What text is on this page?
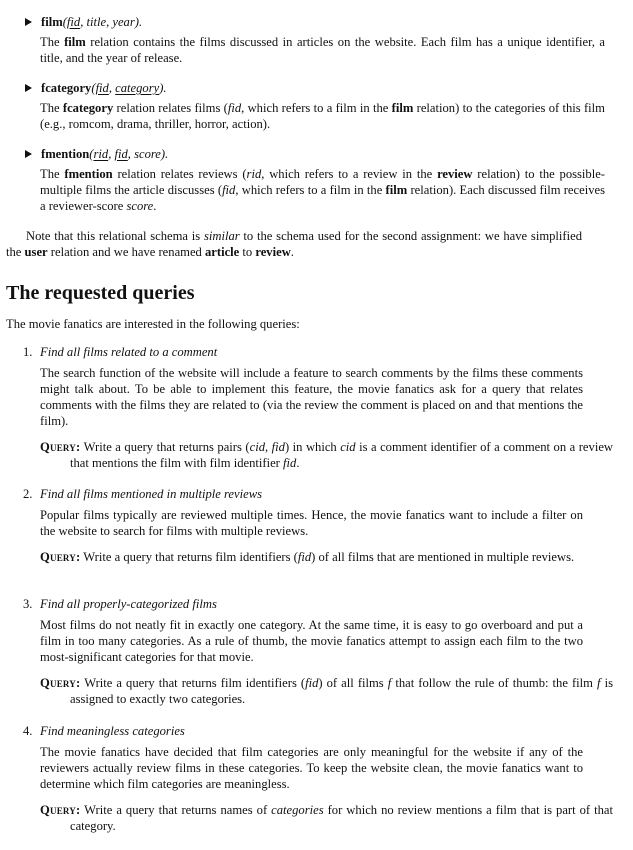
film(fid, title, year).
The film relation contains the films discussed in articles on the website. Each film has a unique identifier, a title, and the year of release.
fcategory(fid, category).
The fcategory relation relates films (fid, which refers to a film in the film relation) to the categories of this film (e.g., romcom, drama, thriller, horror, action).
fmention(rid, fid, score).
The fmention relation relates reviews (rid, which refers to a review in the review relation) to the possible-multiple films the article discusses (fid, which refers to a film in the film relation). Each discussed film receives a reviewer-score score.
Note that this relational schema is similar to the schema used for the second assignment: we have simplified the user relation and we have renamed article to review.
The requested queries
The movie fanatics are interested in the following queries:
1. Find all films related to a comment
The search function of the website will include a feature to search comments by the films these comments might talk about. To be able to implement this feature, the movie fanatics ask for a query that relates comments with the films they are related to (via the review the comment is placed on and that mentions the film).
Query: Write a query that returns pairs (cid, fid) in which cid is a comment identifier of a comment on a review that mentions the film with film identifier fid.
2. Find all films mentioned in multiple reviews
Popular films typically are reviewed multiple times. Hence, the movie fanatics want to include a filter on the website to search for films with multiple reviews.
Query: Write a query that returns film identifiers (fid) of all films that are mentioned in multiple reviews.
3. Find all properly-categorized films
Most films do not neatly fit in exactly one category. At the same time, it is easy to go overboard and put a film in too many categories. As a rule of thumb, the movie fanatics attempt to assign each film to the two most-significant categories for that movie.
Query: Write a query that returns film identifiers (fid) of all films f that follow the rule of thumb: the film f is assigned to exactly two categories.
4. Find meaningless categories
The movie fanatics have decided that film categories are only meaningful for the website if any of the reviewers actually review films in these categories. To keep the website clean, the movie fanatics want to determine which film categories are meaningless.
Query: Write a query that returns names of categories for which no review mentions a film that is part of that category.
